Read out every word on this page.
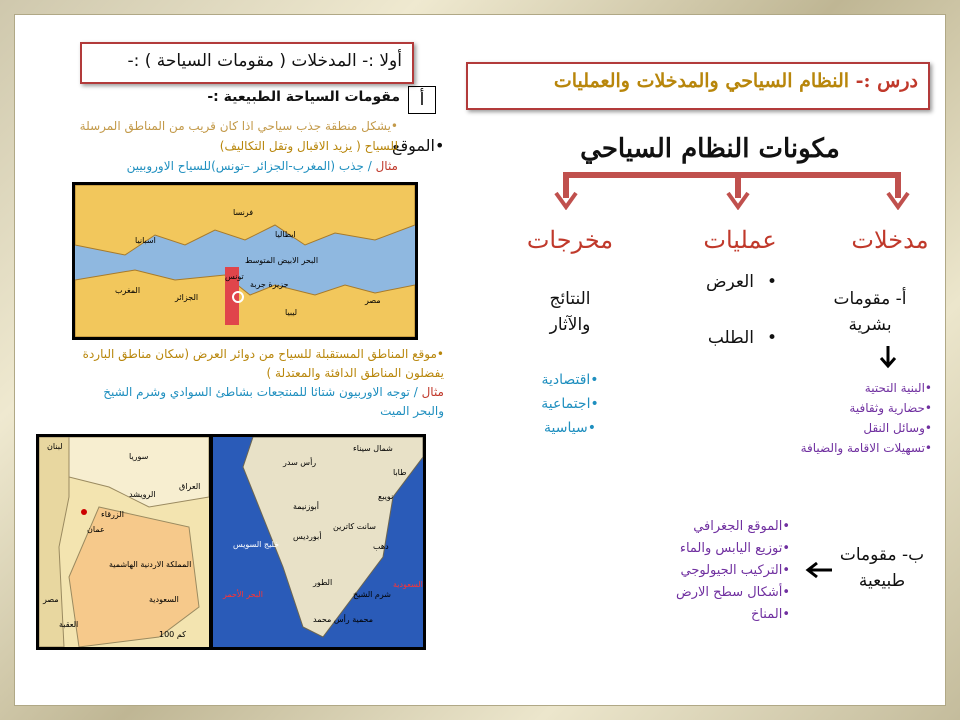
أولا :- المدخلات ( مقومات السياحة ) :-
درس :- النظام السياحي والمدخلات والعمليات
أ
مقومات السياحة الطبيعية :-
•الموقع
•يشكل منطقة جذب سياحي اذا كان قريب من المناطق المرسلة
للسياح ( يزيد الاقبال وتقل التكاليف)
مثال / جذب (المغرب-الجزائر –تونس)للسياح الاوروبيين
فرنسا
اسبانيا
ايطاليا
البحر الابيض المتوسط
المغرب
الجزائر
تونس
جزيرة جربة
ليبيا
مصر
•موقع المناطق المستقبلة للسياح من دوائر العرض (سكان مناطق الباردة
يفضلون المناطق الدافئة والمعتدلة )
مثال / توجه الاوربيون شتائا للمنتجعات بشاطئ السوادي وشرم الشيخ
والبحر الميت
لبنان
سوريا
العراق
عمان
المملكة الاردنية الهاشمية
السعودية
مصر
الرويشد
الزرقاء
العقبة
100 كم
شمال سيناء
رأس سدر
طابا
نويبع
أبوزنيمة
سانت كاترين
أبورديس
دهب
الطور
شرم الشيخ
محمية رأس محمد
خليج السويس
البحر الأحمر
السعودية
مكونات النظام السياحي
مدخلات
عمليات
مخرجات
أ- مقومات
بشرية
•البنية التحتية
•حضارية وثقافية
•وسائل النقل
•تسهيلات الاقامة والضيافة
ب- مقومات
طبيعية
•الموقع الجغرافي
•توزيع اليابس والماء
•التركيب الجيولوجي
•أشكال سطح الارض
•المناخ
•العرض
•الطلب
النتائج
والآثار
•اقتصادية
•اجتماعية
•سياسية
